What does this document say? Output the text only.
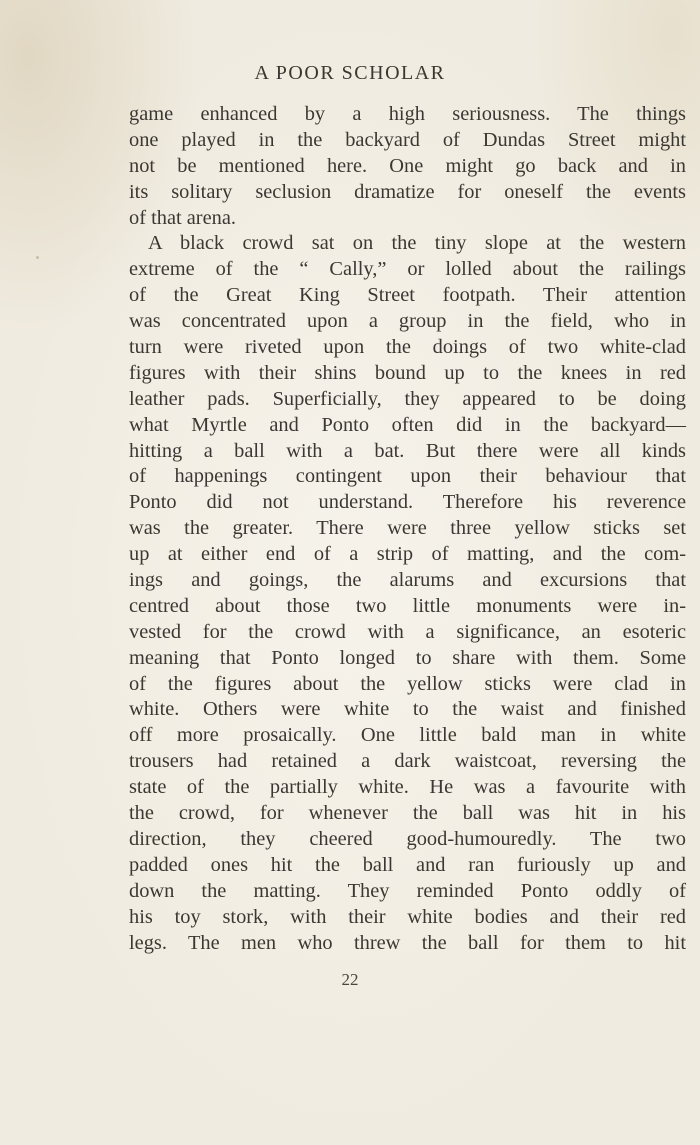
A POOR SCHOLAR
game enhanced by a high seriousness. The things
one played in the backyard of Dundas Street might
not be mentioned here. One might go back and in
its solitary seclusion dramatize for oneself the events
of that arena.
A black crowd sat on the tiny slope at the western
extreme of the “ Cally,” or lolled about the railings
of the Great King Street footpath. Their attention
was concentrated upon a group in the field, who in
turn were riveted upon the doings of two white-clad
figures with their shins bound up to the knees in red
leather pads. Superficially, they appeared to be doing
what Myrtle and Ponto often did in the backyard—
hitting a ball with a bat. But there were all kinds
of happenings contingent upon their behaviour that
Ponto did not understand. Therefore his reverence
was the greater. There were three yellow sticks set
up at either end of a strip of matting, and the com-
ings and goings, the alarums and excursions that
centred about those two little monuments were in-
vested for the crowd with a significance, an esoteric
meaning that Ponto longed to share with them. Some
of the figures about the yellow sticks were clad in
white. Others were white to the waist and finished
off more prosaically. One little bald man in white
trousers had retained a dark waistcoat, reversing the
state of the partially white. He was a favourite with
the crowd, for whenever the ball was hit in his
direction, they cheered good-humouredly. The two
padded ones hit the ball and ran furiously up and
down the matting. They reminded Ponto oddly of
his toy stork, with their white bodies and their red
legs. The men who threw the ball for them to hit
22
